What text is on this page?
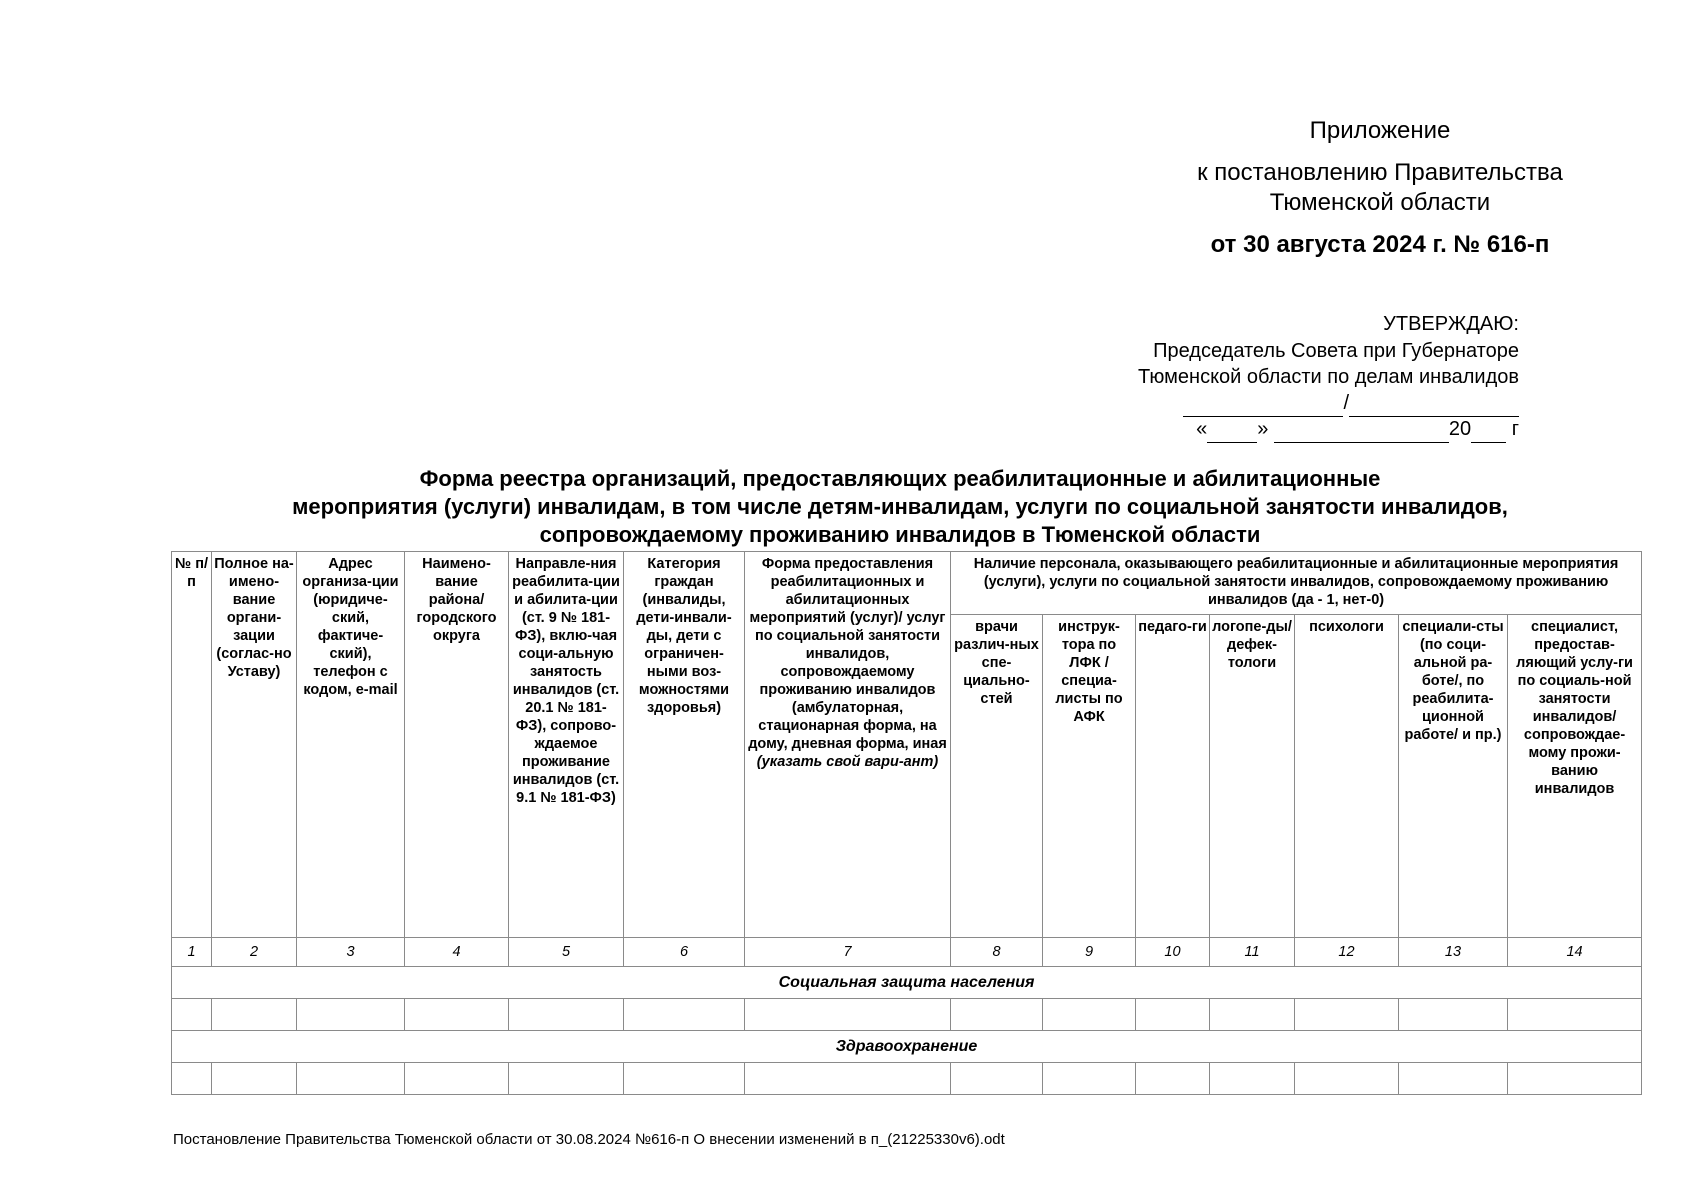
Приложение
к постановлению Правительства
Тюменской области
от 30 августа 2024 г. № 616-п
УТВЕРЖДАЮ:
Председатель Совета при Губернаторе
Тюменской области по делам инвалидов
/
«	»	20 г
Форма реестра организаций, предоставляющих реабилитационные и абилитационные
мероприятия (услуги) инвалидам, в том числе детям-инвалидам, услуги по социальной занятости инвалидов,
сопровождаемому проживанию инвалидов в Тюменской области
№ п/п	Полное на-имено-вание органи-зации (соглас-но Уставу)	Адрес организа-ции (юридиче-ский, фактиче-ский), телефон с кодом, e-mail	Наимено-вание района/ городского округа	Направле-ния реабилита-ции и абилита-ции (ст. 9 № 181-ФЗ), вклю-чая соци-альную занятость инвалидов (ст. 20.1 № 181-ФЗ), сопрово-ждаемое проживание инвалидов (ст. 9.1 № 181-ФЗ)	Категория граждан (инвалиды, дети-инвали-ды, дети с ограничен-ными воз-можностями здоровья)	Форма предоставления реабилитационных и абилитационных мероприятий (услуг)/ услуг по социальной занятости инвалидов, сопровождаемому проживанию инвалидов (амбулаторная, стационарная форма, на дому, дневная форма, иная (указать свой вари-ант)	Наличие персонала, оказывающего реабилитационные и абилитационные мероприятия (услуги), услуги по социальной занятости инвалидов, сопровождаемому проживанию инвалидов (да - 1, нет-0)						
							врачи различ-ных спе-циально-стей	инструк-тора по ЛФК / специа-листы по АФК	педаго-ги	логопе-ды/ дефек-тологи	психологи	специали-сты (по соци-альной ра-боте/, по реабилита-ционной работе/ и пр.)	специалист, предостав-ляющий услу-ги по социаль-ной занятости инвалидов/ сопровождае-мому прожи-ванию инвалидов
1	2	3	4	5	6	7	8	9	10	11	12	13	14
Социальная защита населения													

Здравоохранение													

Постановление Правительства Тюменской области от 30.08.2024 №616-п О внесении изменений в п_(21225330v6).odt
